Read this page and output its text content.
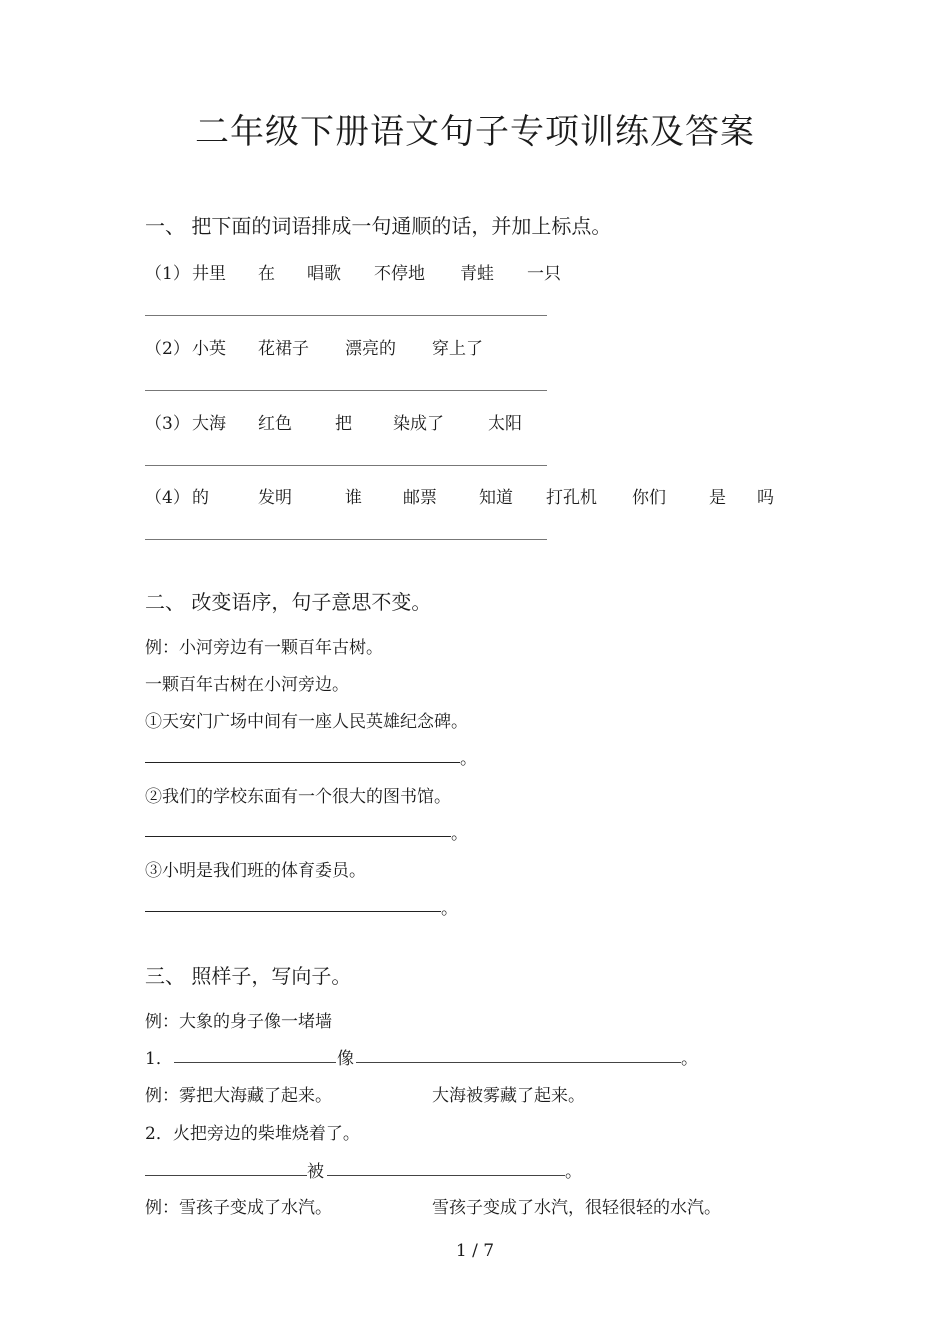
二年级下册语文句子专项训练及答案
一、 把下面的词语排成一句通顺的话，并加上标点。
（1） 井里 在 唱歌 不停地 青蛙 一只
（2） 小英 花裙子 漂亮的 穿上了
（3） 大海 红色	把 染成了	太阳
（4） 的	发明	谁 邮票 知道 打孔机 你们	是 吗
二、 改变语序，句子意思不变。
例：小河旁边有一颗百年古树。
一颗百年古树在小河旁边。
①天安门广场中间有一座人民英雄纪念碑。
。
②我们的学校东面有一个很大的图书馆。
。
③小明是我们班的体育委员。
。
三、 照样子，写向子。
例：大象的身子像一堵墙
1．	像	。
例：雾把大海藏了起来。	大海被雾藏了起来。
2．火把旁边的柴堆烧着了。
被	。
例：雪孩子变成了水汽。	雪孩子变成了水汽，很轻很轻的水汽。
1 / 7
